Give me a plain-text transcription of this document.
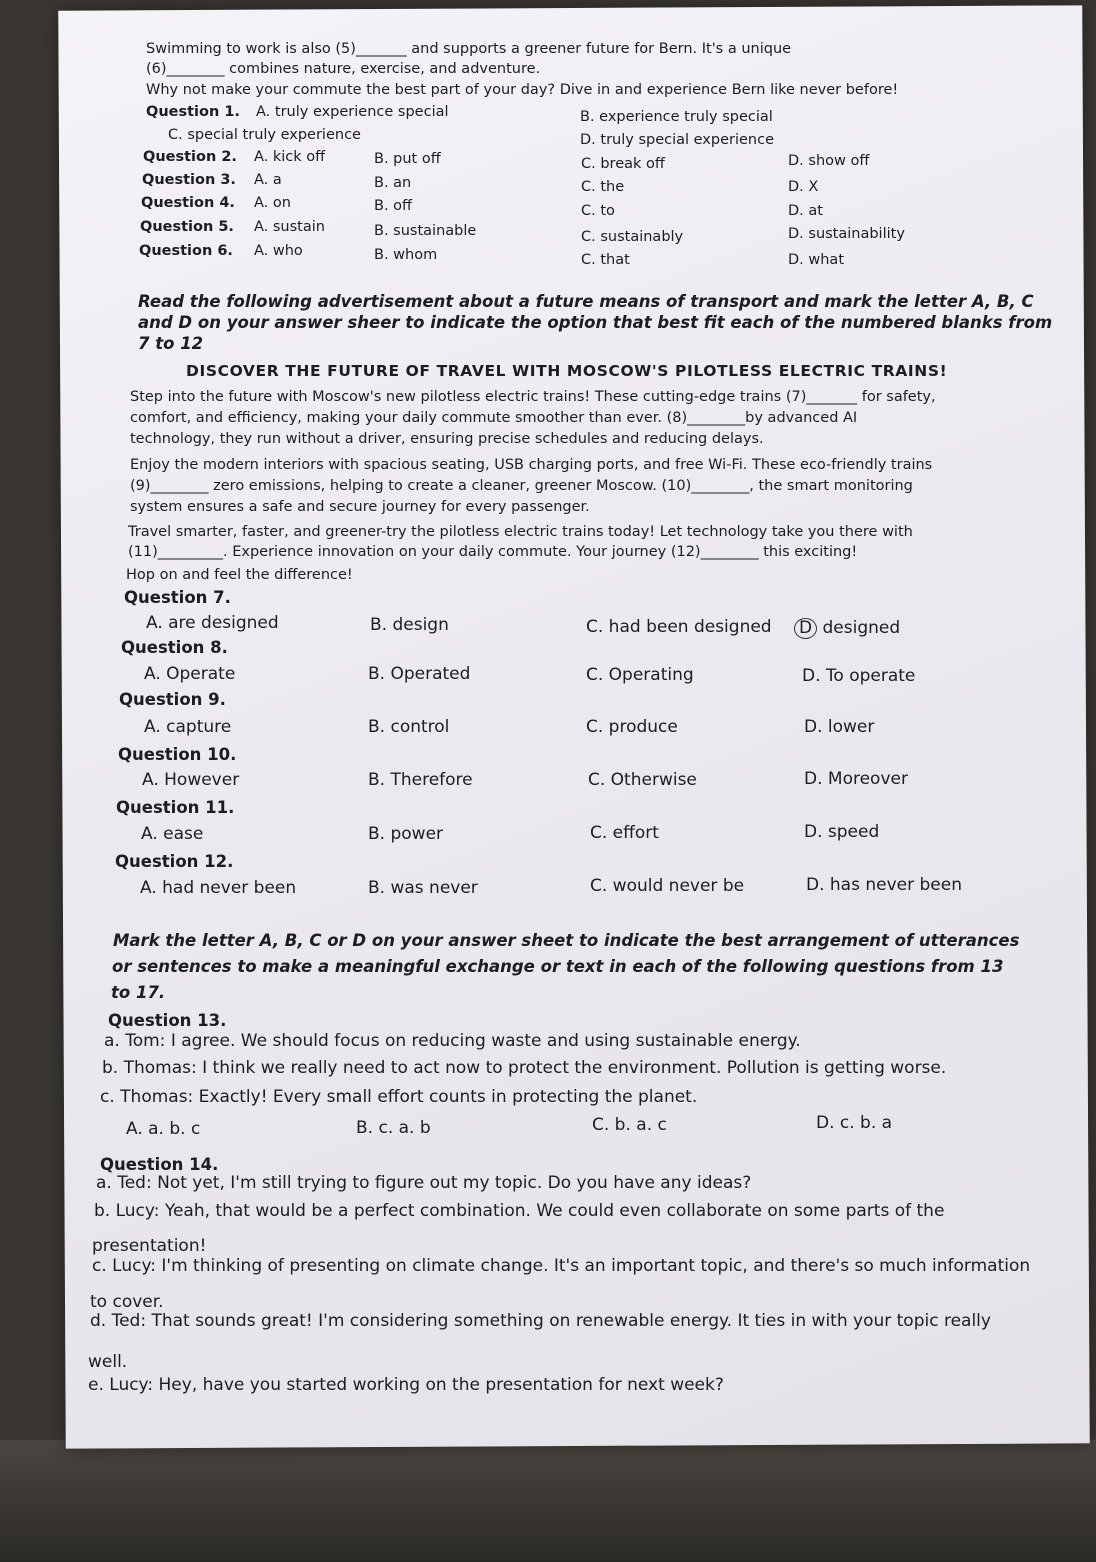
Swimming to work is also (5)_______ and supports a greener future for Bern. It's a unique
(6)________ combines nature, exercise, and adventure.
Why not make your commute the best part of your day? Dive in and experience Bern like never before!
Question 1. A. truly experience special	B. experience truly special
C. special truly experience	D. truly special experience
Question 2. A. kick off	B. put off	C. break off	D. show off
Question 3. A. a	B. an	C. the	D. X
Question 4. A. on	B. off	C. to	D. at
Question 5. A. sustain	B. sustainable	C. sustainably	D. sustainability
Question 6. A. who	B. whom	C. that	D. what
Read the following advertisement about a future means of transport and mark the letter A, B, C
and D on your answer sheer to indicate the option that best fit each of the numbered blanks from
7 to 12
DISCOVER THE FUTURE OF TRAVEL WITH MOSCOW'S PILOTLESS ELECTRIC TRAINS!
Step into the future with Moscow's new pilotless electric trains! These cutting-edge trains (7)_______ for safety,
comfort, and efficiency, making your daily commute smoother than ever. (8)________by advanced AI
technology, they run without a driver, ensuring precise schedules and reducing delays.
Enjoy the modern interiors with spacious seating, USB charging ports, and free Wi-Fi. These eco-friendly trains
(9)________ zero emissions, helping to create a cleaner, greener Moscow. (10)________, the smart monitoring
system ensures a safe and secure journey for every passenger.
Travel smarter, faster, and greener-try the pilotless electric trains today! Let technology take you there with
(11)_________. Experience innovation on your daily commute. Your journey (12)________ this exciting!
Hop on and feel the difference!
Question 7.
A. are designed	B. design	C. had been designed D designed
Question 8.
A. Operate	B. Operated	C. Operating	D. To operate
Question 9.
A. capture	B. control	C. produce	D. lower
Question 10.
A. However	B. Therefore	C. Otherwise	D. Moreover
Question 11.
A. ease	B. power	C. effort	D. speed
Question 12.
A. had never been	B. was never	C. would never be	D. has never been
Mark the letter A, B, C or D on your answer sheet to indicate the best arrangement of utterances
or sentences to make a meaningful exchange or text in each of the following questions from 13
to 17.
Question 13.
a. Tom: I agree. We should focus on reducing waste and using sustainable energy.
b. Thomas: I think we really need to act now to protect the environment. Pollution is getting worse.
c. Thomas: Exactly! Every small effort counts in protecting the planet.
A. a. b. c	B. c. a. b	C. b. a. c	D. c. b. a
Question 14.
a. Ted: Not yet, I'm still trying to figure out my topic. Do you have any ideas?
b. Lucy: Yeah, that would be a perfect combination. We could even collaborate on some parts of the
presentation!
c. Lucy: I'm thinking of presenting on climate change. It's an important topic, and there's so much information
to cover.
d. Ted: That sounds great! I'm considering something on renewable energy. It ties in with your topic really
well.
e. Lucy: Hey, have you started working on the presentation for next week?
